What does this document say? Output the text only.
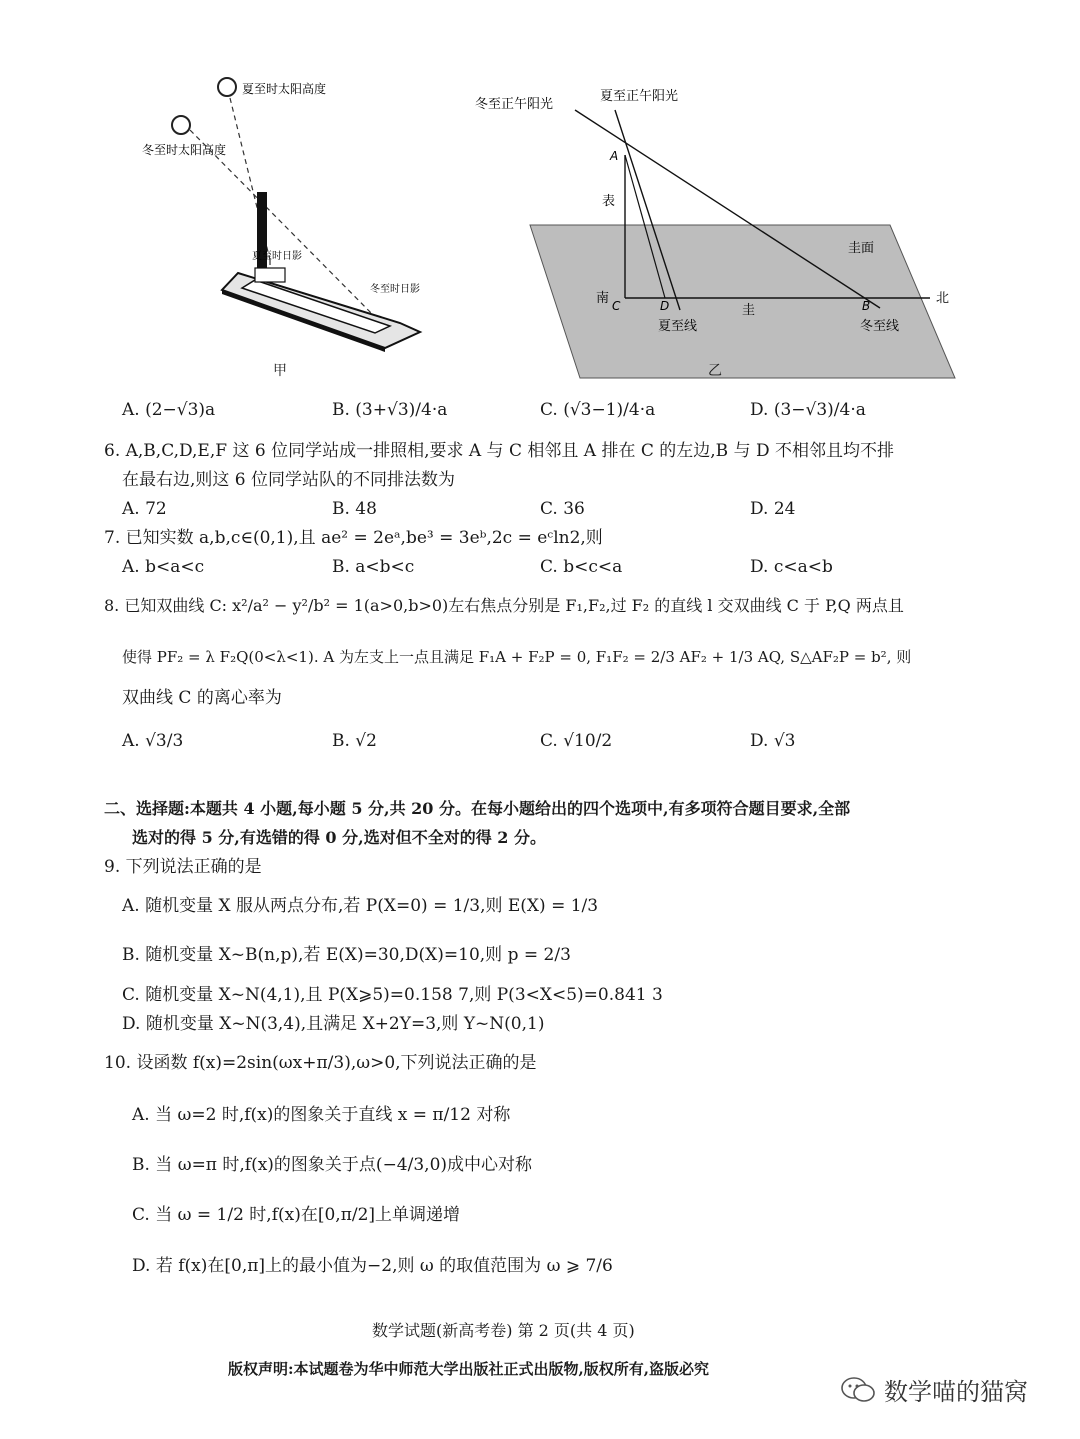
夏至时太阳高度
冬至时太阳高度
夏至时日影
冬至时日影
甲
冬至正午阳光
夏至正午阳光
A
表
圭面
南 C	D	圭	B	北
夏至线	冬至线
乙
A. (2−√3)a	B. (3+√3)/4·a	C. (√3−1)/4·a	D. (3−√3)/4·a
6. A,B,C,D,E,F 这 6 位同学站成一排照相,要求 A 与 C 相邻且 A 排在 C 的左边,B 与 D 不相邻且均不排
在最右边,则这 6 位同学站队的不同排法数为
A. 72	B. 48	C. 36	D. 24
7. 已知实数 a,b,c∈(0,1),且 ae² = 2eᵃ,be³ = 3eᵇ,2c = eᶜln2,则
A. b<a<c	B. a<b<c	C. b<c<a	D. c<a<b
8. 已知双曲线 C: x²/a² − y²/b² = 1(a>0,b>0)左右焦点分别是 F₁,F₂,过 F₂ 的直线 l 交双曲线 C 于 P,Q 两点且
使得 PF₂ = λ F₂Q(0<λ<1). A 为左支上一点且满足 F₁A + F₂P = 0, F₁F₂ = 2/3 AF₂ + 1/3 AQ, S△AF₂P = b², 则
双曲线 C 的离心率为
A. √3/3	B. √2	C. √10/2	D. √3
二、选择题:本题共 4 小题,每小题 5 分,共 20 分。在每小题给出的四个选项中,有多项符合题目要求,全部
选对的得 5 分,有选错的得 0 分,选对但不全对的得 2 分。
9. 下列说法正确的是
A. 随机变量 X 服从两点分布,若 P(X=0) = 1/3,则 E(X) = 1/3
B. 随机变量 X~B(n,p),若 E(X)=30,D(X)=10,则 p = 2/3
C. 随机变量 X~N(4,1),且 P(X⩾5)=0.158 7,则 P(3<X<5)=0.841 3
D. 随机变量 X~N(3,4),且满足 X+2Y=3,则 Y~N(0,1)
10. 设函数 f(x)=2sin(ωx+π/3),ω>0,下列说法正确的是
A. 当 ω=2 时,f(x)的图象关于直线 x = π/12 对称
B. 当 ω=π 时,f(x)的图象关于点(−4/3,0)成中心对称
C. 当 ω = 1/2 时,f(x)在[0,π/2]上单调递增
D. 若 f(x)在[0,π]上的最小值为−2,则 ω 的取值范围为 ω ⩾ 7/6
数学试题(新高考卷) 第 2 页(共 4 页)
版权声明:本试题卷为华中师范大学出版社正式出版物,版权所有,盗版必究
数学喵的猫窝
